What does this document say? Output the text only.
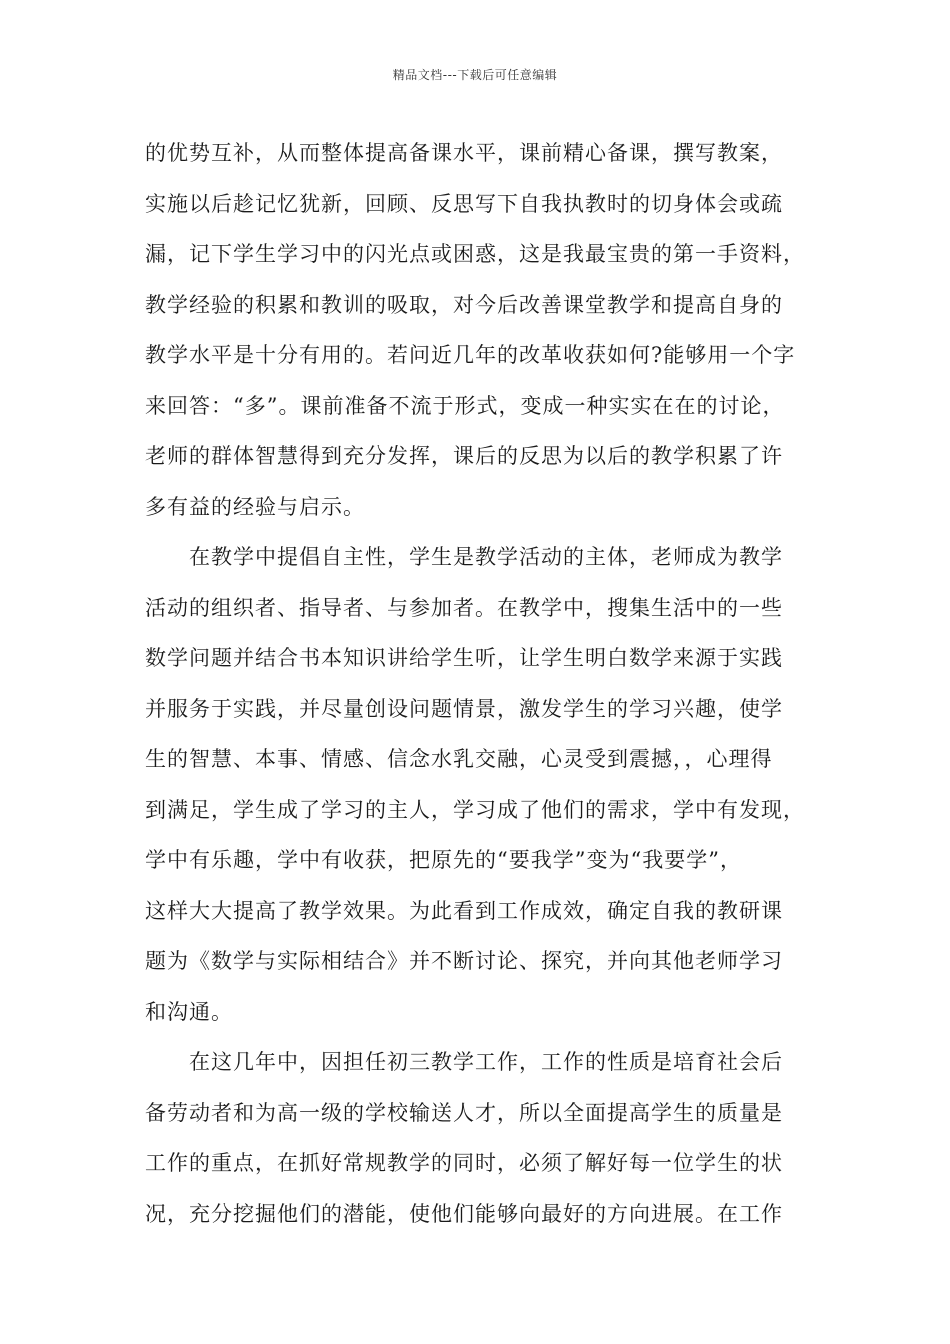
精品文档---下载后可任意编辑
的优势互补，从而整体提高备课水平，课前精心备课，撰写教案，
实施以后趁记忆犹新，回顾、反思写下自我执教时的切身体会或疏
漏，记下学生学习中的闪光点或困惑，这是我最宝贵的第一手资料，
教学经验的积累和教训的吸取，对今后改善课堂教学和提高自身的
教学水平是十分有用的。若问近几年的改革收获如何?能够用一个字
来回答：“多”。课前准备不流于形式，变成一种实实在在的讨论，
老师的群体智慧得到充分发挥，课后的反思为以后的教学积累了许
多有益的经验与启示。
在教学中提倡自主性，学生是教学活动的主体，老师成为教学
活动的组织者、指导者、与参加者。在教学中，搜集生活中的一些
数学问题并结合书本知识讲给学生听，让学生明白数学来源于实践
并服务于实践，并尽量创设问题情景，激发学生的学习兴趣，使学
生的智慧、本事、情感、信念水乳交融，心灵受到震撼，，心理得
到满足，学生成了学习的主人，学习成了他们的需求，学中有发现，
学中有乐趣，学中有收获，把原先的“要我学”变为“我要学”，
这样大大提高了教学效果。为此看到工作成效，确定自我的教研课
题为《数学与实际相结合》并不断讨论、探究，并向其他老师学习
和沟通。
在这几年中，因担任初三教学工作，工作的性质是培育社会后
备劳动者和为高一级的学校输送人才，所以全面提高学生的质量是
工作的重点，在抓好常规教学的同时，必须了解好每一位学生的状
况，充分挖掘他们的潜能，使他们能够向最好的方向进展。在工作
